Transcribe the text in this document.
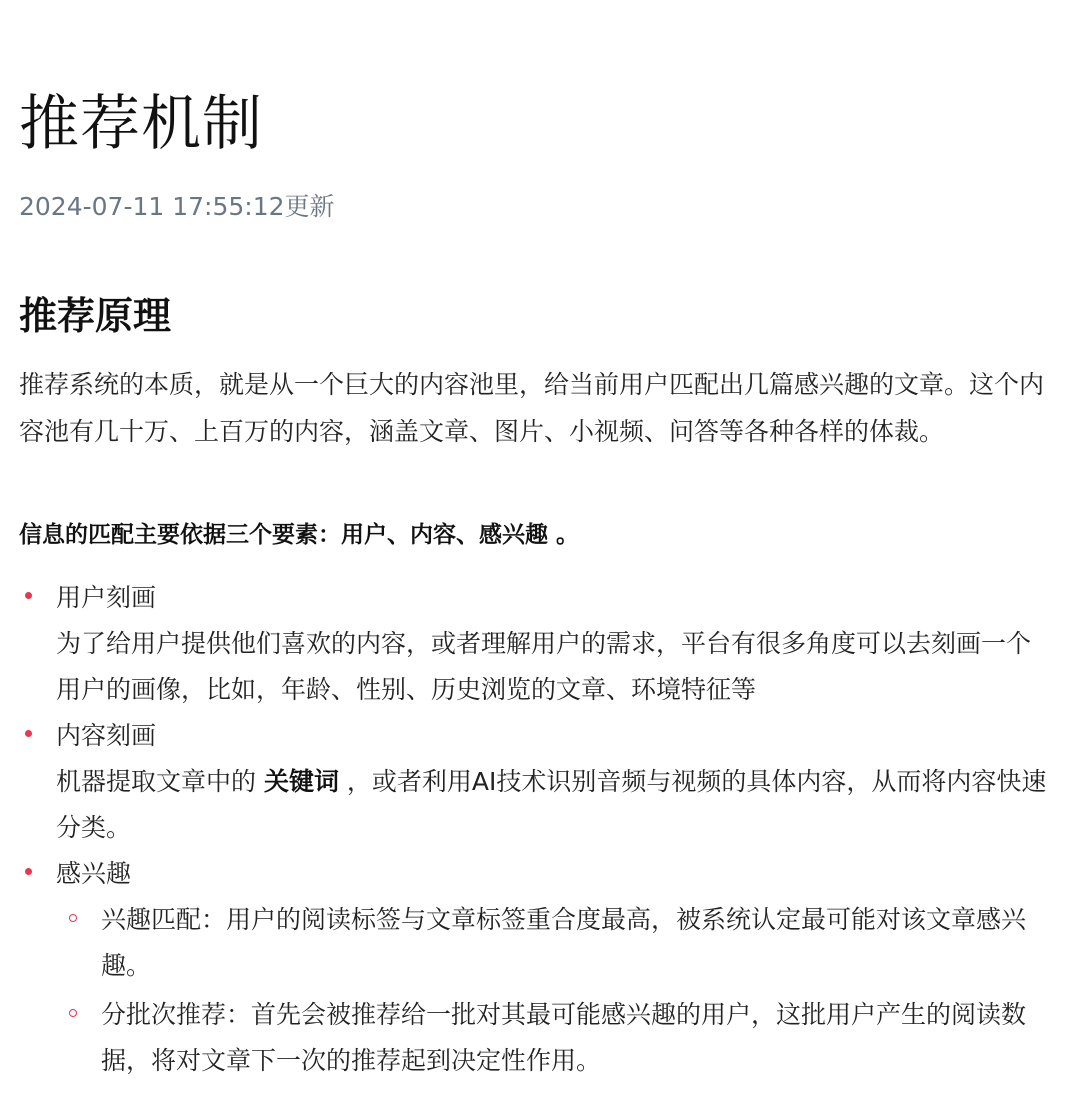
推荐机制
2024-07-11 17:55:12更新
推荐原理

推荐系统的本质，就是从一个巨大的内容池里，给当前用户匹配出几篇感兴趣的文章。这个内容池有几十万、上百万的内容，涵盖文章、图片、小视频、问答等各种各样的体裁。

信息的匹配主要依据三个要素：用户、内容、感兴趣 。

用户刻画
为了给用户提供他们喜欢的内容，或者理解用户的需求，平台有很多角度可以去刻画一个用户的画像，比如，年龄、性别、历史浏览的文章、环境特征等
内容刻画
机器提取文章中的 关键词 ，或者利用AI技术识别音频与视频的具体内容，从而将内容快速分类。
感兴趣
兴趣匹配：用户的阅读标签与文章标签重合度最高，被系统认定最可能对该文章感兴趣。
分批次推荐：首先会被推荐给一批对其最可能感兴趣的用户，这批用户产生的阅读数据，将对文章下一次的推荐起到决定性作用。
